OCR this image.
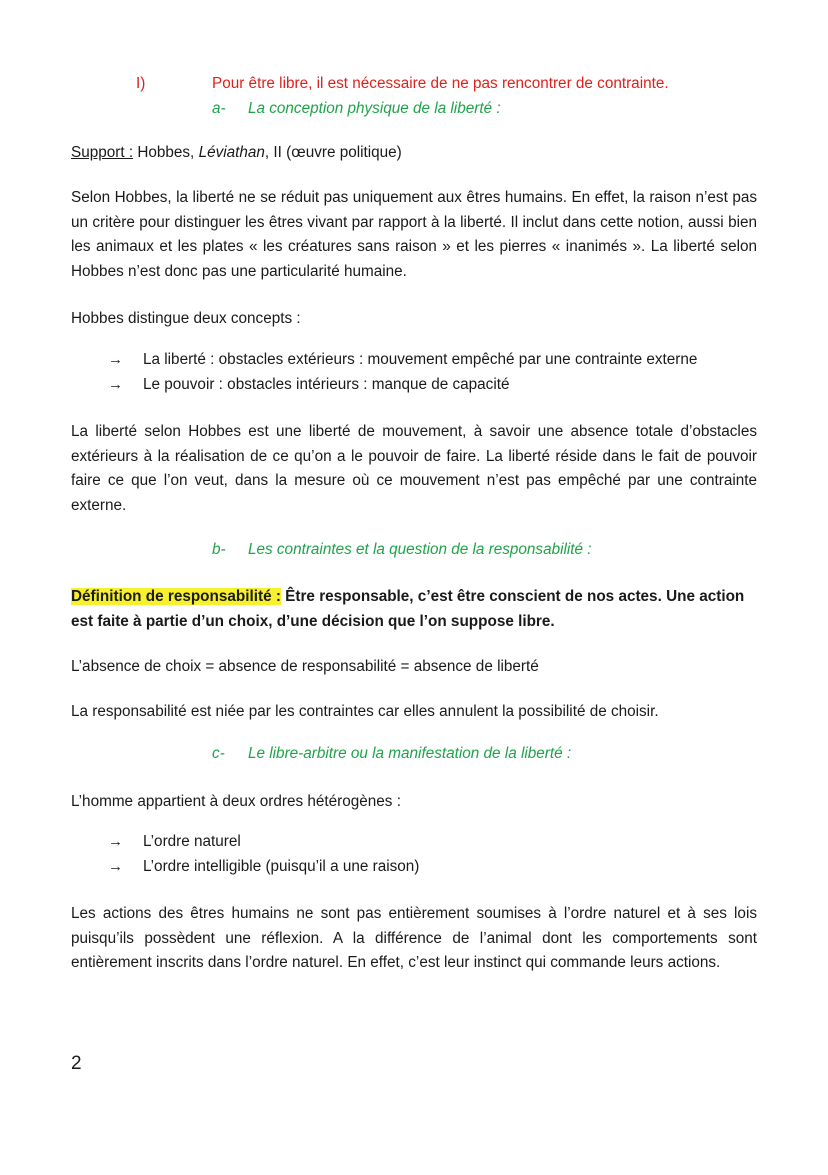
I)	Pour être libre, il est nécessaire de ne pas rencontrer de contrainte.
a- La conception physique de la liberté :
Support : Hobbes, Léviathan, II (œuvre politique)

Selon Hobbes, la liberté ne se réduit pas uniquement aux êtres humains. En effet, la raison n’est pas un critère pour distinguer les êtres vivant par rapport à la liberté. Il inclut dans cette notion, aussi bien les animaux et les plates « les créatures sans raison » et les pierres « inanimés ». La liberté selon Hobbes n’est donc pas une particularité humaine.

Hobbes distingue deux concepts :

→ La liberté : obstacles extérieurs : mouvement empêché par une contrainte externe
→ Le pouvoir : obstacles intérieurs : manque de capacité

La liberté selon Hobbes est une liberté de mouvement, à savoir une absence totale d’obstacles extérieurs à la réalisation de ce qu’on a le pouvoir de faire. La liberté réside dans le fait de pouvoir faire ce que l’on veut, dans la mesure où ce mouvement n’est pas empêché par une contrainte externe.

b- Les contraintes et la question de la responsabilité :

Définition de responsabilité : Être responsable, c’est être conscient de nos actes. Une action est faite à partie d’un choix, d’une décision que l’on suppose libre.

L’absence de choix = absence de responsabilité = absence de liberté

La responsabilité est niée par les contraintes car elles annulent la possibilité de choisir.

c- Le libre-arbitre ou la manifestation de la liberté :

L’homme appartient à deux ordres hétérogènes :

→ L’ordre naturel
→ L’ordre intelligible (puisqu’il a une raison)

Les actions des êtres humains ne sont pas entièrement soumises à l’ordre naturel et à ses lois puisqu’ils possèdent une réflexion. A la différence de l’animal dont les comportements sont entièrement inscrits dans l’ordre naturel. En effet, c’est leur instinct qui commande leurs actions.

2
